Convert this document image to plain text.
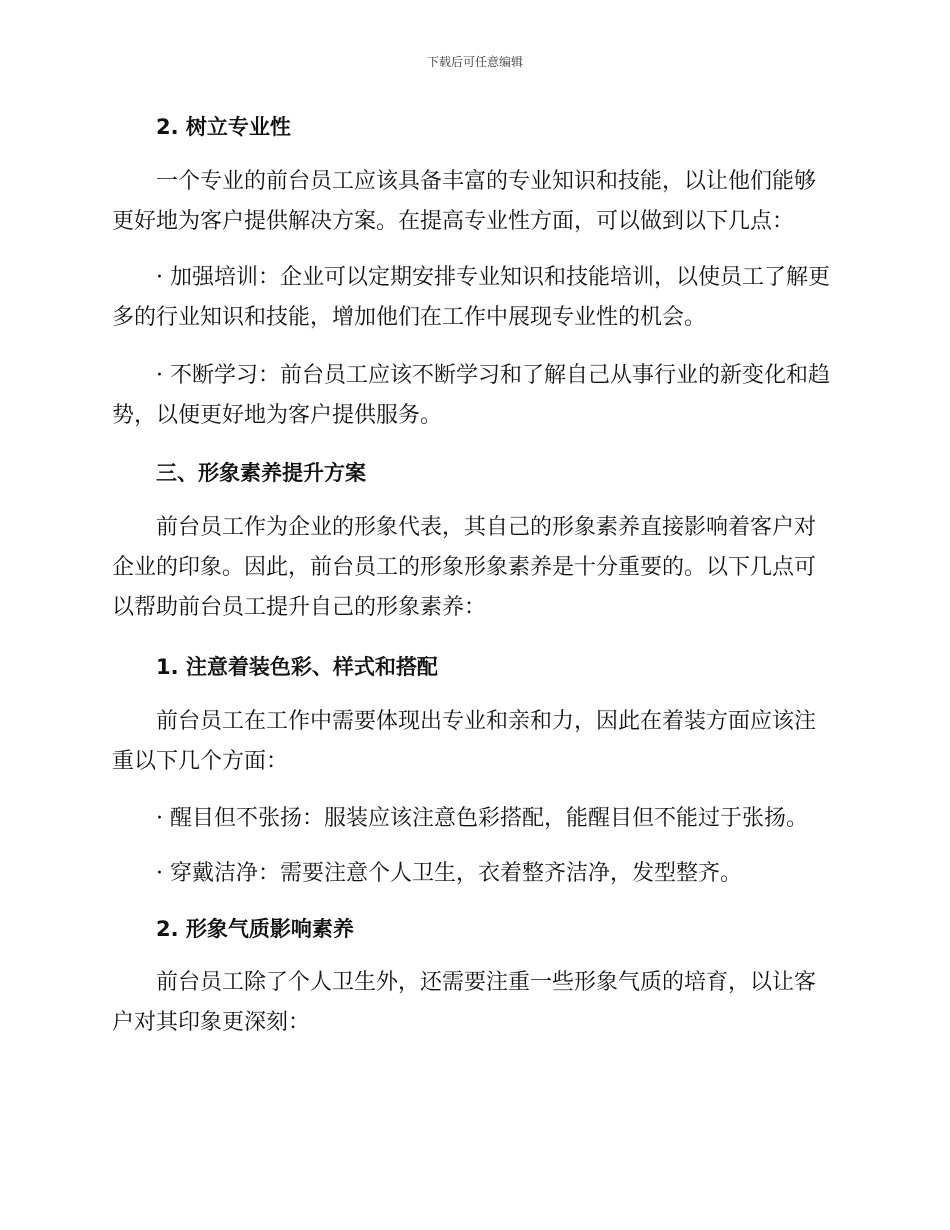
下载后可任意编辑

2. 树立专业性

一个专业的前台员工应该具备丰富的专业知识和技能，以让他们能够更好地为客户提供解决方案。在提高专业性方面，可以做到以下几点：

· 加强培训：企业可以定期安排专业知识和技能培训，以使员工了解更多的行业知识和技能，增加他们在工作中展现专业性的机会。

· 不断学习：前台员工应该不断学习和了解自己从事行业的新变化和趋势，以便更好地为客户提供服务。

三、形象素养提升方案

前台员工作为企业的形象代表，其自己的形象素养直接影响着客户对企业的印象。因此，前台员工的形象形象素养是十分重要的。以下几点可以帮助前台员工提升自己的形象素养：

1. 注意着装色彩、样式和搭配

前台员工在工作中需要体现出专业和亲和力，因此在着装方面应该注重以下几个方面：

· 醒目但不张扬：服装应该注意色彩搭配，能醒目但不能过于张扬。

· 穿戴洁净：需要注意个人卫生，衣着整齐洁净，发型整齐。

2. 形象气质影响素养

前台员工除了个人卫生外，还需要注重一些形象气质的培育，以让客户对其印象更深刻：
